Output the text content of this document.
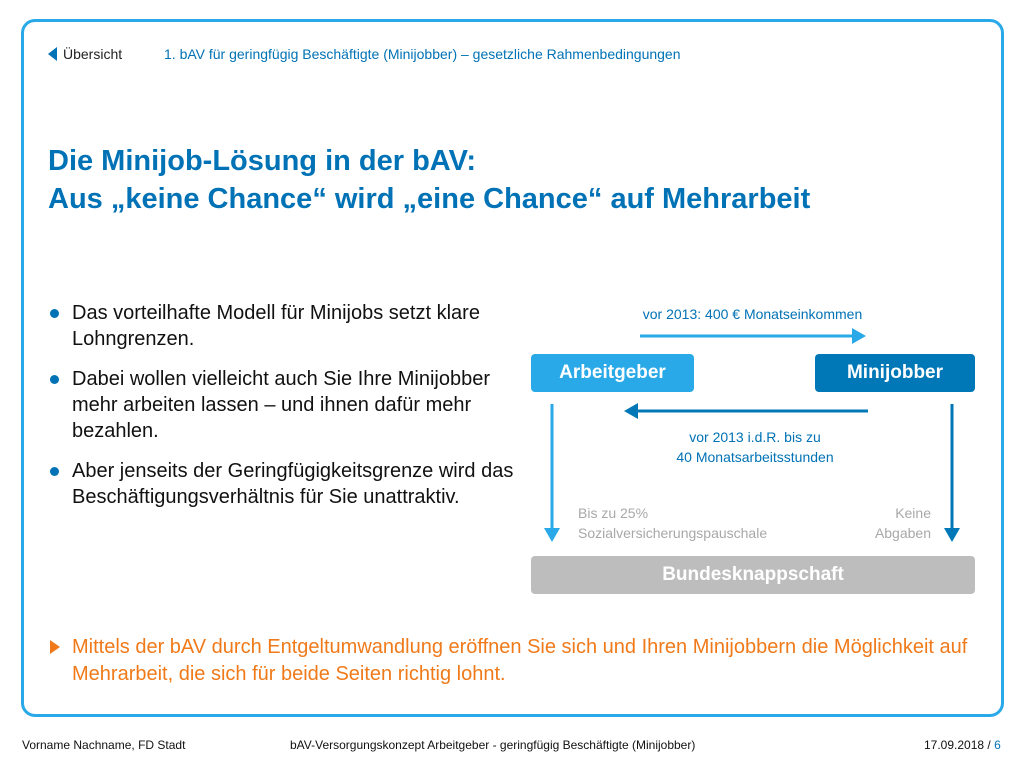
Übersicht	1. bAV für geringfügig Beschäftigte (Minijobber) – gesetzliche Rahmenbedingungen
Die Minijob-Lösung in der bAV:
Aus „keine Chance“ wird „eine Chance“ auf Mehrarbeit
Das vorteilhafte Modell für Minijobs setzt klare Lohngrenzen.
Dabei wollen vielleicht auch Sie Ihre Minijobber mehr arbeiten lassen – und ihnen dafür mehr bezahlen.
Aber jenseits der Geringfügigkeitsgrenze wird das Beschäftigungsverhältnis für Sie unattraktiv.
vor 2013: 400 € Monatseinkommen
Arbeitgeber	Minijobber
vor 2013 i.d.R. bis zu
40 Monatsarbeitsstunden
Bis zu 25%
Sozialversicherungspauschale
Keine
Abgaben
Bundesknappschaft
Mittels der bAV durch Entgeltumwandlung eröffnen Sie sich und Ihren Minijobbern die Möglichkeit auf Mehrarbeit, die sich für beide Seiten richtig lohnt.
Vorname Nachname, FD Stadt	bAV-Versorgungskonzept Arbeitgeber - geringfügig Beschäftigte (Minijobber)	17.09.2018 / 6
